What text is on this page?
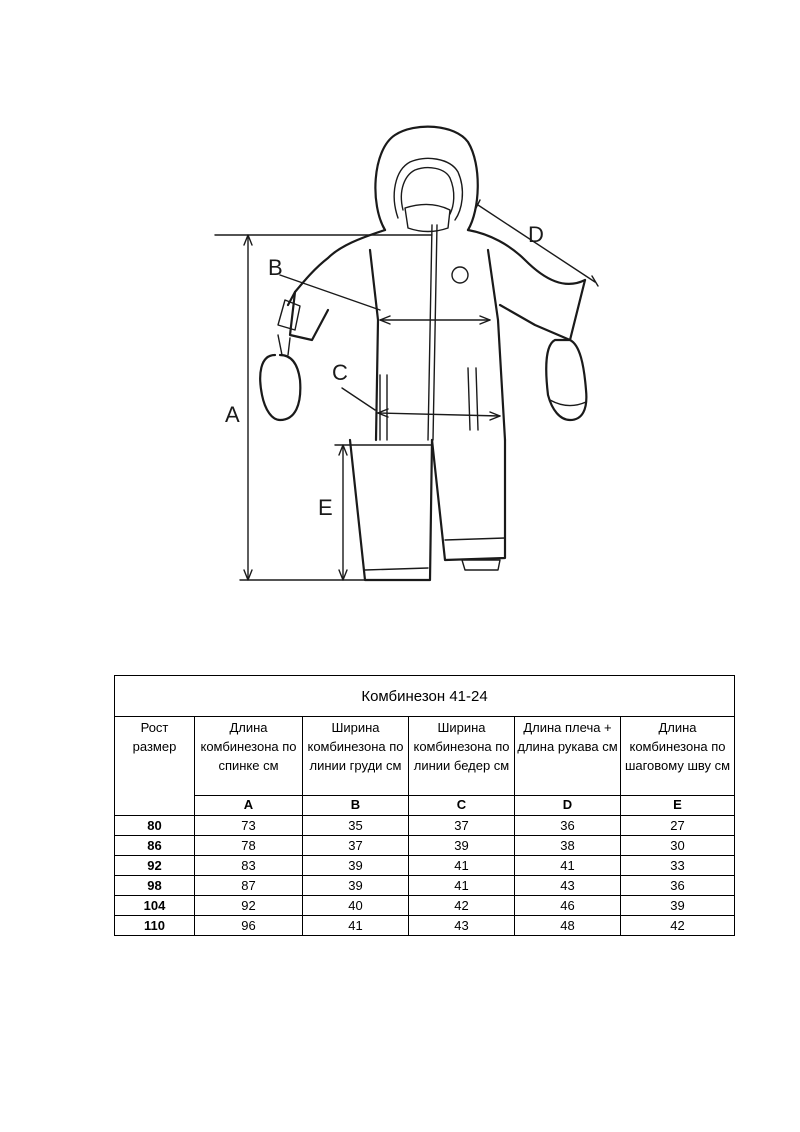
A
B
C
D
E
Комбинезон 41-24					
Рост размер	Длина комбинезона по спинке см	Ширина комбинезона по линии груди см	Ширина комбинезона по линии бедер см	Длина плеча + длина рукава см	Длина комбинезона по шаговому шву см
	A	B	C	D	E
80	73	35	37	36	27
86	78	37	39	38	30
92	83	39	41	41	33
98	87	39	41	43	36
104	92	40	42	46	39
110	96	41	43	48	42
